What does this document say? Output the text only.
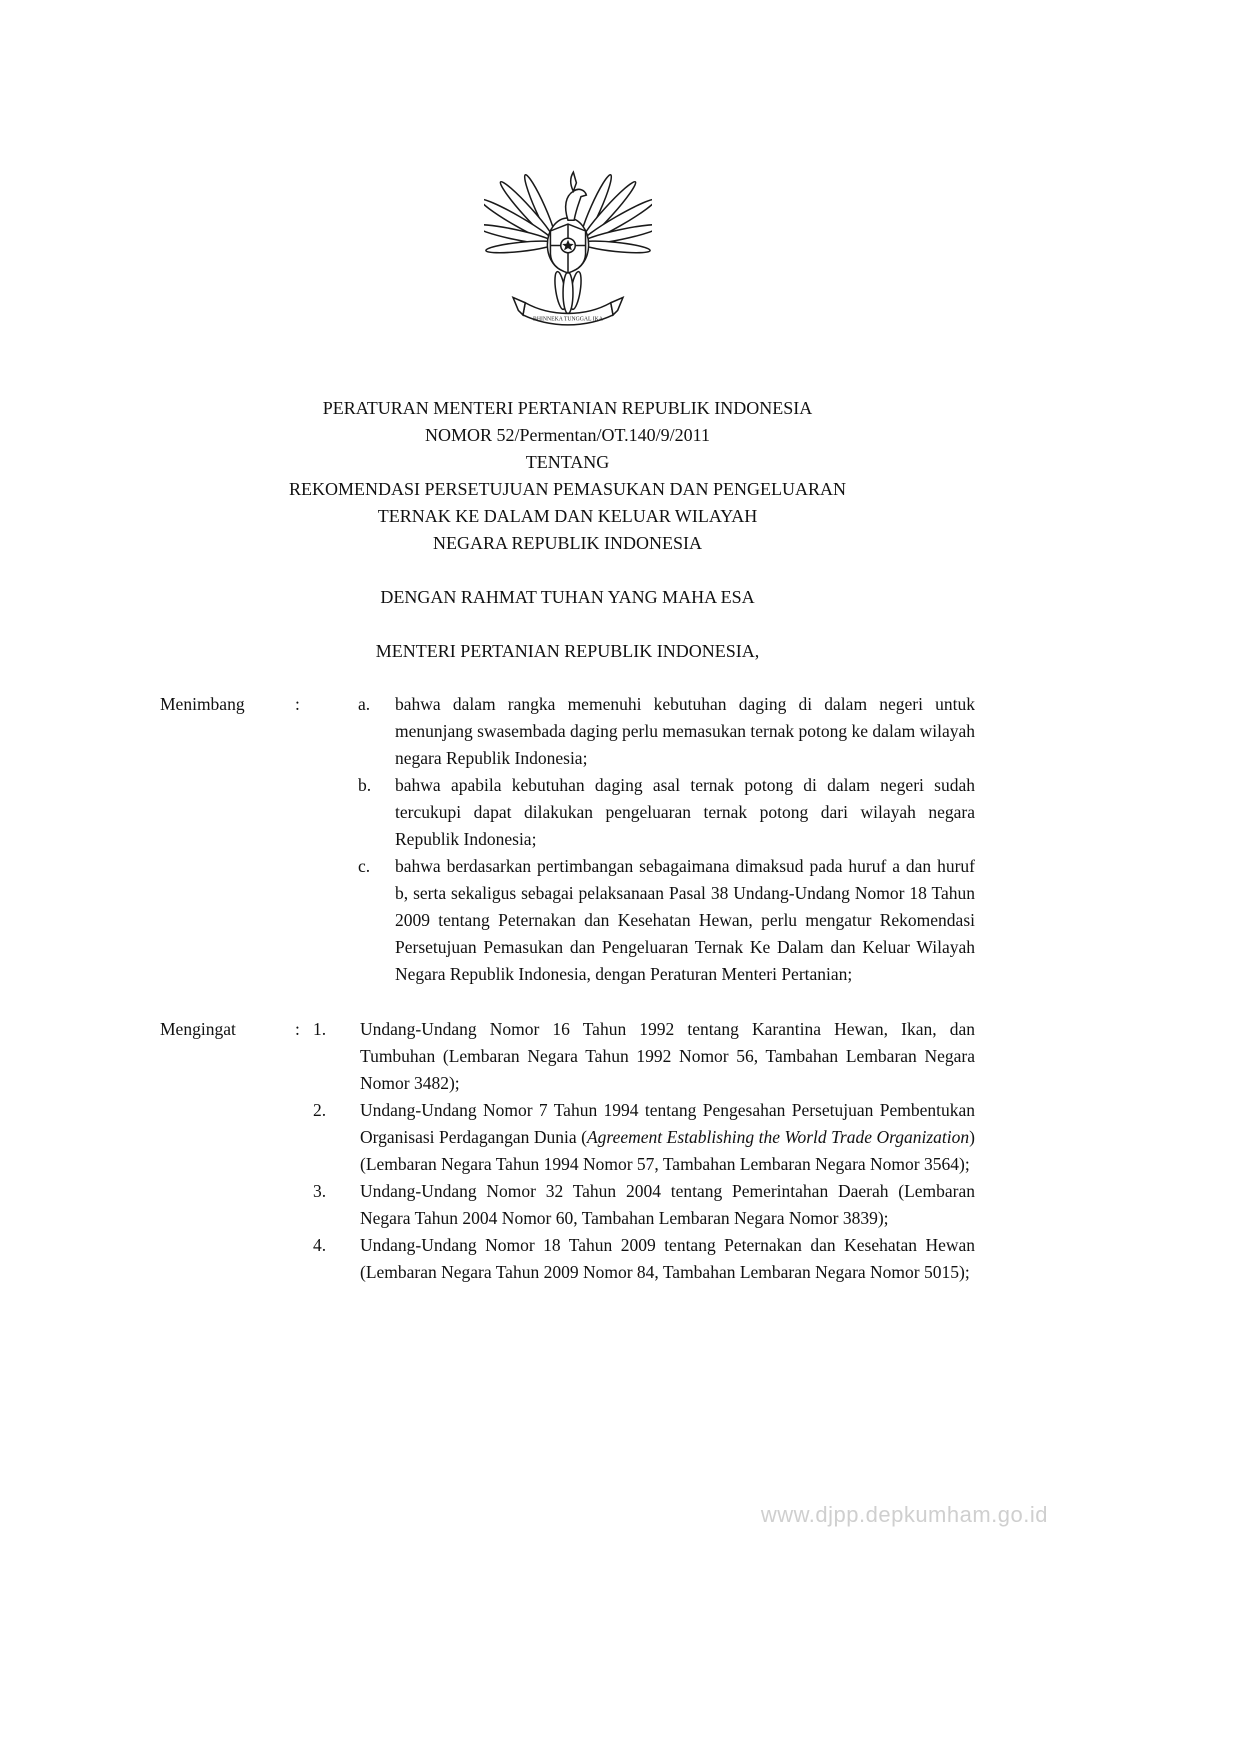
BHINNEKA TUNGGAL IKA
PERATURAN MENTERI PERTANIAN REPUBLIK INDONESIA
NOMOR 52/Permentan/OT.140/9/2011
TENTANG
REKOMENDASI PERSETUJUAN PEMASUKAN DAN PENGELUARAN
TERNAK KE DALAM DAN KELUAR WILAYAH
NEGARA REPUBLIK INDONESIA
DENGAN RAHMAT TUHAN YANG MAHA ESA
MENTERI PERTANIAN REPUBLIK INDONESIA,
Menimbang	:	a.	bahwa dalam rangka memenuhi kebutuhan daging di dalam negeri untuk menunjang swasembada daging perlu memasukan ternak potong ke dalam wilayah negara Republik Indonesia;
b.	bahwa apabila kebutuhan daging asal ternak potong di dalam negeri sudah tercukupi dapat dilakukan pengeluaran ternak potong dari wilayah negara Republik Indonesia;
c.	bahwa berdasarkan pertimbangan sebagaimana dimaksud pada huruf a dan huruf b, serta sekaligus sebagai pelaksanaan Pasal 38 Undang-Undang Nomor 18 Tahun 2009 tentang Peternakan dan Kesehatan Hewan, perlu mengatur Rekomendasi Persetujuan Pemasukan dan Pengeluaran Ternak Ke Dalam dan Keluar Wilayah Negara Republik Indonesia, dengan Peraturan Menteri Pertanian;
Mengingat	: 1.	Undang-Undang Nomor 16 Tahun 1992 tentang Karantina Hewan, Ikan, dan Tumbuhan (Lembaran Negara Tahun 1992 Nomor 56, Tambahan Lembaran Negara Nomor 3482);
2.	Undang-Undang Nomor 7 Tahun 1994 tentang Pengesahan Persetujuan Pembentukan Organisasi Perdagangan Dunia (Agreement Establishing the World Trade Organization) (Lembaran Negara Tahun 1994 Nomor 57, Tambahan Lembaran Negara Nomor 3564);
3.	Undang-Undang Nomor 32 Tahun 2004 tentang Pemerintahan Daerah (Lembaran Negara Tahun 2004 Nomor 60, Tambahan Lembaran Negara Nomor 3839);
4.	Undang-Undang Nomor 18 Tahun 2009 tentang Peternakan dan Kesehatan Hewan (Lembaran Negara Tahun 2009 Nomor 84, Tambahan Lembaran Negara Nomor 5015);
www.djpp.depkumham.go.id
